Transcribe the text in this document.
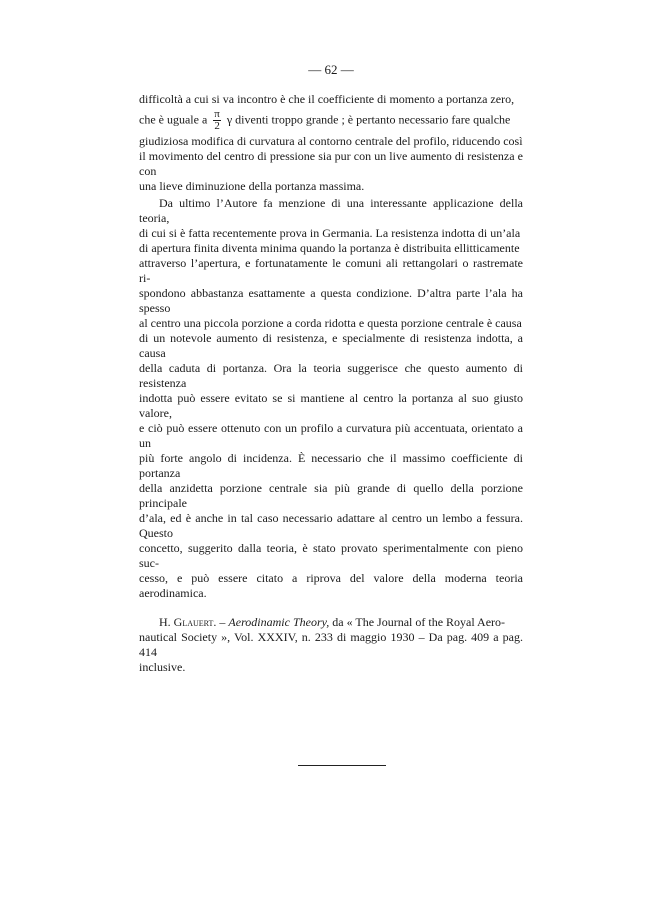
— 62 —
difficoltà a cui si va incontro è che il coefficiente di momento a portanza zero,
che è uguale a $\frac{\pi}{2}$ γ diventi troppo grande ; è pertanto necessario fare qualche
giudiziosa modifica di curvatura al contorno centrale del profilo, riducendo così
il movimento del centro di pressione sia pur con un live aumento di resistenza e con
una lieve diminuzione della portanza massima.
Da ultimo l’Autore fa menzione di una interessante applicazione della teoria,
di cui si è fatta recentemente prova in Germania. La resistenza indotta di un’ala
di apertura finita diventa minima quando la portanza è distribuita ellitticamente
attraverso l’apertura, e fortunatamente le comuni ali rettangolari o rastremate ri-
spondono abbastanza esattamente a questa condizione. D’altra parte l’ala ha spesso
al centro una piccola porzione a corda ridotta e questa porzione centrale è causa
di un notevole aumento di resistenza, e specialmente di resistenza indotta, a causa
della caduta di portanza. Ora la teoria suggerisce che questo aumento di resistenza
indotta può essere evitato se si mantiene al centro la portanza al suo giusto valore,
e ciò può essere ottenuto con un profilo a curvatura più accentuata, orientato a un
più forte angolo di incidenza. È necessario che il massimo coefficiente di portanza
della anzidetta porzione centrale sia più grande di quello della porzione principale
d’ala, ed è anche in tal caso necessario adattare al centro un lembo a fessura. Questo
concetto, suggerito dalla teoria, è stato provato sperimentalmente con pieno suc-
cesso, e può essere citato a riprova del valore della moderna teoria aerodinamica.
H. Glauert. – Aerodinamic Theory, da « The Journal of the Royal Aero-
nautical Society », Vol. XXXIV, n. 233 di maggio 1930 – Da pag. 409 a pag. 414
inclusive.
